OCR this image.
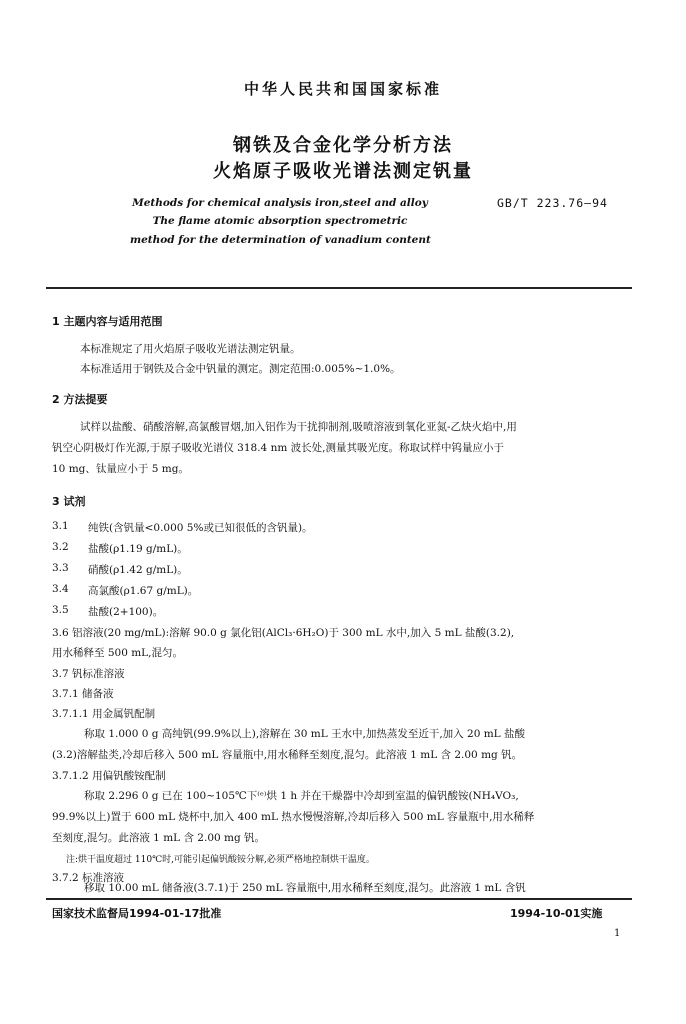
中华人民共和国国家标准
钢铁及合金化学分析方法
火焰原子吸收光谱法测定钒量
Methods for chemical analysis iron,steel and alloy
The flame atomic absorption spectrometric
method for the determination of vanadium content
GB/T 223.76—94
1 主题内容与适用范围
本标准规定了用火焰原子吸收光谱法测定钒量。
本标准适用于钢铁及合金中钒量的测定。测定范围:0.005%~1.0%。
2 方法提要
试样以盐酸、硝酸溶解,高氯酸冒烟,加入铝作为干扰抑制剂,吸喷溶液到氧化亚氮-乙炔火焰中,用
钒空心阴极灯作光源,于原子吸收光谱仪 318.4 nm 波长处,测量其吸光度。称取试样中钨量应小于
10 mg、钛量应小于 5 mg。
3 试剂
3.1 纯铁(含钒量<0.000 5%或已知很低的含钒量)。
3.2 盐酸(ρ1.19 g/mL)。
3.3 硝酸(ρ1.42 g/mL)。
3.4 高氯酸(ρ1.67 g/mL)。
3.5 盐酸(2+100)。
3.6 铝溶液(20 mg/mL):溶解 90.0 g 氯化铝(AlCl₃·6H₂O)于 300 mL 水中,加入 5 mL 盐酸(3.2),
用水稀释至 500 mL,混匀。
3.7 钒标准溶液
3.7.1 储备液
3.7.1.1 用金属钒配制
称取 1.000 0 g 高纯钒(99.9%以上),溶解在 30 mL 王水中,加热蒸发至近干,加入 20 mL 盐酸
(3.2)溶解盐类,冷却后移入 500 mL 容量瓶中,用水稀释至刻度,混匀。此溶液 1 mL 含 2.00 mg 钒。
3.7.1.2 用偏钒酸铵配制
称取 2.296 0 g 已在 100~105℃下⁽ᵉ⁾烘 1 h 并在干燥器中冷却到室温的偏钒酸铵(NH₄VO₃,
99.9%以上)置于 600 mL 烧杯中,加入 400 mL 热水慢慢溶解,冷却后移入 500 mL 容量瓶中,用水稀释
至刻度,混匀。此溶液 1 mL 含 2.00 mg 钒。
注:烘干温度超过 110℃时,可能引起偏钒酸铵分解,必须严格地控制烘干温度。
3.7.2 标准溶液
移取 10.00 mL 储备液(3.7.1)于 250 mL 容量瓶中,用水稀释至刻度,混匀。此溶液 1 mL 含钒
国家技术监督局1994-01-17批准	1994-10-01实施
1
